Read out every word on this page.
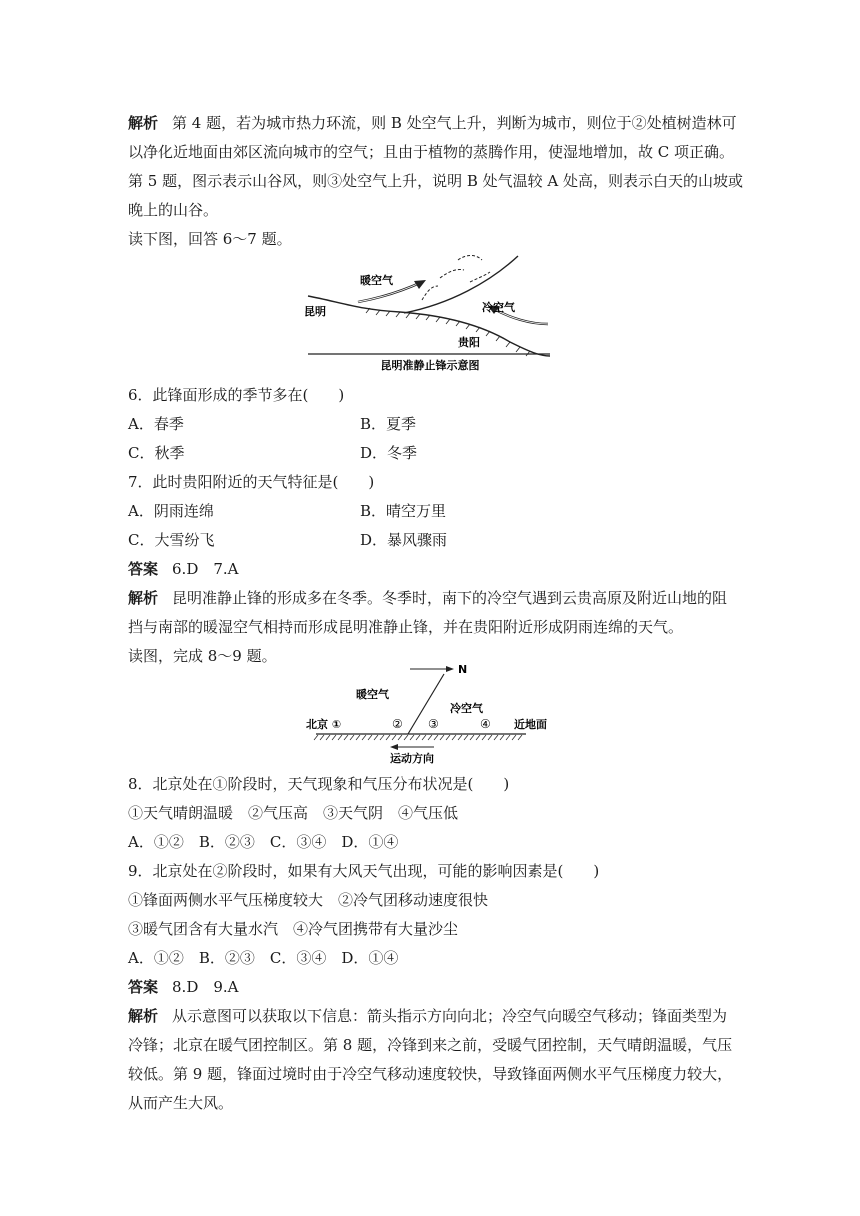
解析 第 4 题，若为城市热力环流，则 B 处空气上升，判断为城市，则位于②处植树造林可
以净化近地面由郊区流向城市的空气；且由于植物的蒸腾作用，使湿地增加，故 C 项正确。
第 5 题，图示表示山谷风，则③处空气上升，说明 B 处气温较 A 处高，则表示白天的山坡或
晚上的山谷。
读下图，回答 6～7 题。
暖空气
冷空气
昆明
贵阳
昆明准静止锋示意图
6．此锋面形成的季节多在(　　)
A．春季	B．夏季
C．秋季	D．冬季
7．此时贵阳附近的天气特征是(　　)
A．阴雨连绵	B．晴空万里
C．大雪纷飞	D．暴风骤雨
答案 6.D　7.A
解析 昆明准静止锋的形成多在冬季。冬季时，南下的冷空气遇到云贵高原及附近山地的阻
挡与南部的暖湿空气相持而形成昆明准静止锋，并在贵阳附近形成阴雨连绵的天气。
读图，完成 8～9 题。
N
暖空气
冷空气
北京 ①	② ③	④ 近地面
运动方向
8．北京处在①阶段时，天气现象和气压分布状况是(　　)
①天气晴朗温暖　②气压高　③天气阴　④气压低
A．①②　B．②③　C．③④　D．①④
9．北京处在②阶段时，如果有大风天气出现，可能的影响因素是(　　)
①锋面两侧水平气压梯度较大　②冷气团移动速度很快
③暖气团含有大量水汽　④冷气团携带有大量沙尘
A．①②　B．②③　C．③④　D．①④
答案 8.D　9.A
解析 从示意图可以获取以下信息：箭头指示方向向北；冷空气向暖空气移动；锋面类型为
冷锋；北京在暖气团控制区。第 8 题，冷锋到来之前，受暖气团控制，天气晴朗温暖，气压
较低。第 9 题，锋面过境时由于冷空气移动速度较快，导致锋面两侧水平气压梯度力较大，
从而产生大风。
